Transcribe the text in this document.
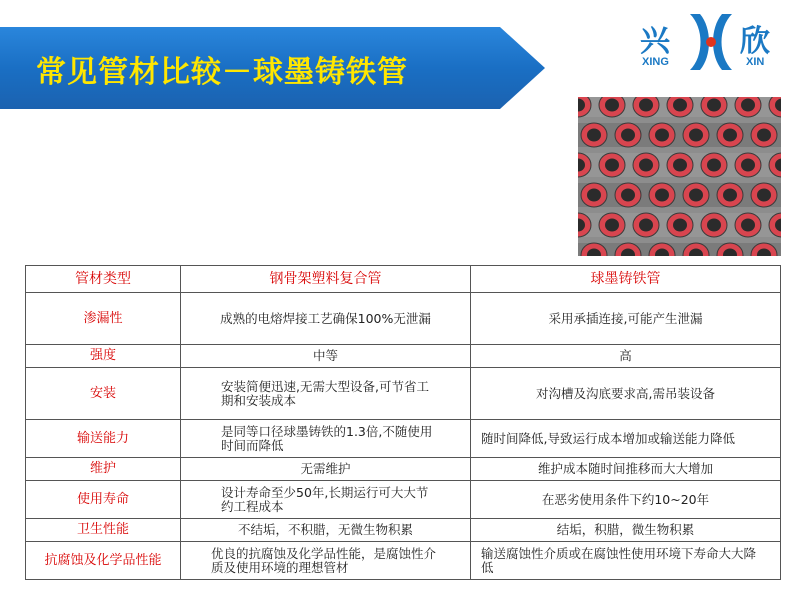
常见管材比较－球墨铸铁管
兴 欣
XING	XIN
管材类型	钢骨架塑料复合管	球墨铸铁管
渗漏性	成熟的电熔焊接工艺确保100%无泄漏	采用承插连接,可能产生泄漏
强度	中等	高
安装	安装简便迅速,无需大型设备,可节省工期和安装成本	对沟槽及沟底要求高,需吊装设备
输送能力	是同等口径球墨铸铁的1.3倍,不随使用时间而降低	随时间降低,导致运行成本增加或输送能力降低
维护	无需维护	维护成本随时间推移而大大增加
使用寿命	设计寿命至少50年,长期运行可大大节约工程成本	在恶劣使用条件下约10~20年
卫生性能	不结垢，不积腊，无微生物积累	结垢，积腊，微生物积累
抗腐蚀及化学品性能	优良的抗腐蚀及化学品性能，是腐蚀性介质及使用环境的理想管材	输送腐蚀性介质或在腐蚀性使用环境下寿命大大降低
